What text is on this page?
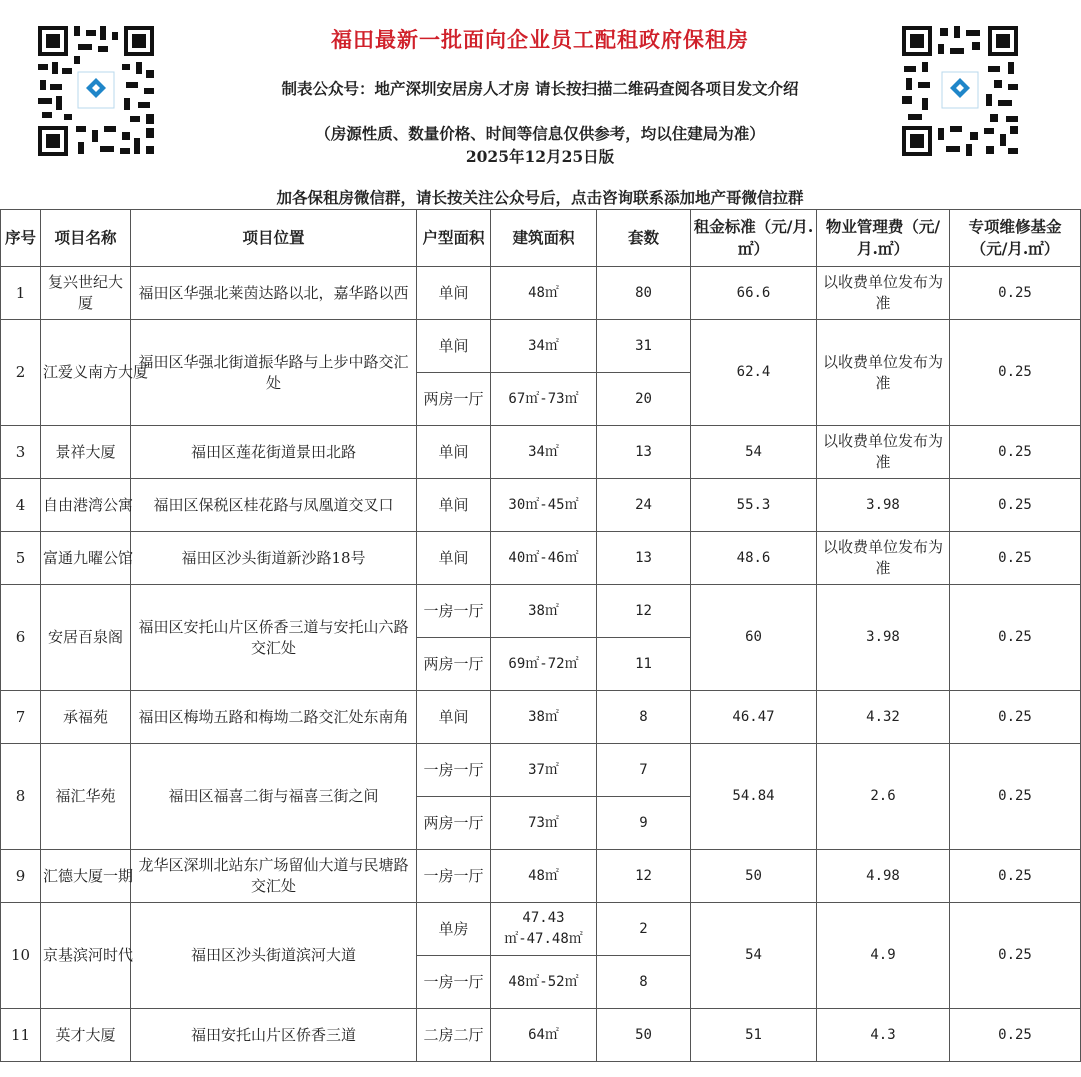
福田最新一批面向企业员工配租政府保租房
制表公众号：地产深圳安居房人才房 请长按扫描二维码查阅各项目发文介绍
（房源性质、数量价格、时间等信息仅供参考，均以住建局为准）
2025年12月25日版
加各保租房微信群，请长按关注公众号后，点击咨询联系添加地产哥微信拉群
序号	项目名称	项目位置	户型面积	建筑面积	套数	租金标准（元/月.㎡）	物业管理费（元/月.㎡）	专项维修基金（元/月.㎡）
1	复兴世纪大厦	福田区华强北莱茵达路以北，嘉华路以西	单间	48㎡	80	66.6	以收费单位发布为准	0.25
2	江爱义南方大厦	福田区华强北街道振华路与上步中路交汇处	单间	34㎡	31	62.4	以收费单位发布为准	0.25
			两房一厅	67㎡-73㎡	20			
3	景祥大厦	福田区莲花街道景田北路	单间	34㎡	13	54	以收费单位发布为准	0.25
4	自由港湾公寓	福田区保税区桂花路与凤凰道交叉口	单间	30㎡-45㎡	24	55.3	3.98	0.25
5	富通九曜公馆	福田区沙头街道新沙路18号	单间	40㎡-46㎡	13	48.6	以收费单位发布为准	0.25
6	安居百泉阁	福田区安托山片区侨香三道与安托山六路交汇处	一房一厅	38㎡	12	60	3.98	0.25
			两房一厅	69㎡-72㎡	11			
7	承福苑	福田区梅坳五路和梅坳二路交汇处东南角	单间	38㎡	8	46.47	4.32	0.25
8	福汇华苑	福田区福喜二街与福喜三街之间	一房一厅	37㎡	7	54.84	2.6	0.25
			两房一厅	73㎡	9			
9	汇德大厦一期	龙华区深圳北站东广场留仙大道与民塘路交汇处	一房一厅	48㎡	12	50	4.98	0.25
10	京基滨河时代	福田区沙头街道滨河大道	单房	47.43㎡-47.48㎡	2	54	4.9	0.25
			一房一厅	48㎡-52㎡	8			
11	英才大厦	福田安托山片区侨香三道	二房二厅	64㎡	50	51	4.3	0.25
